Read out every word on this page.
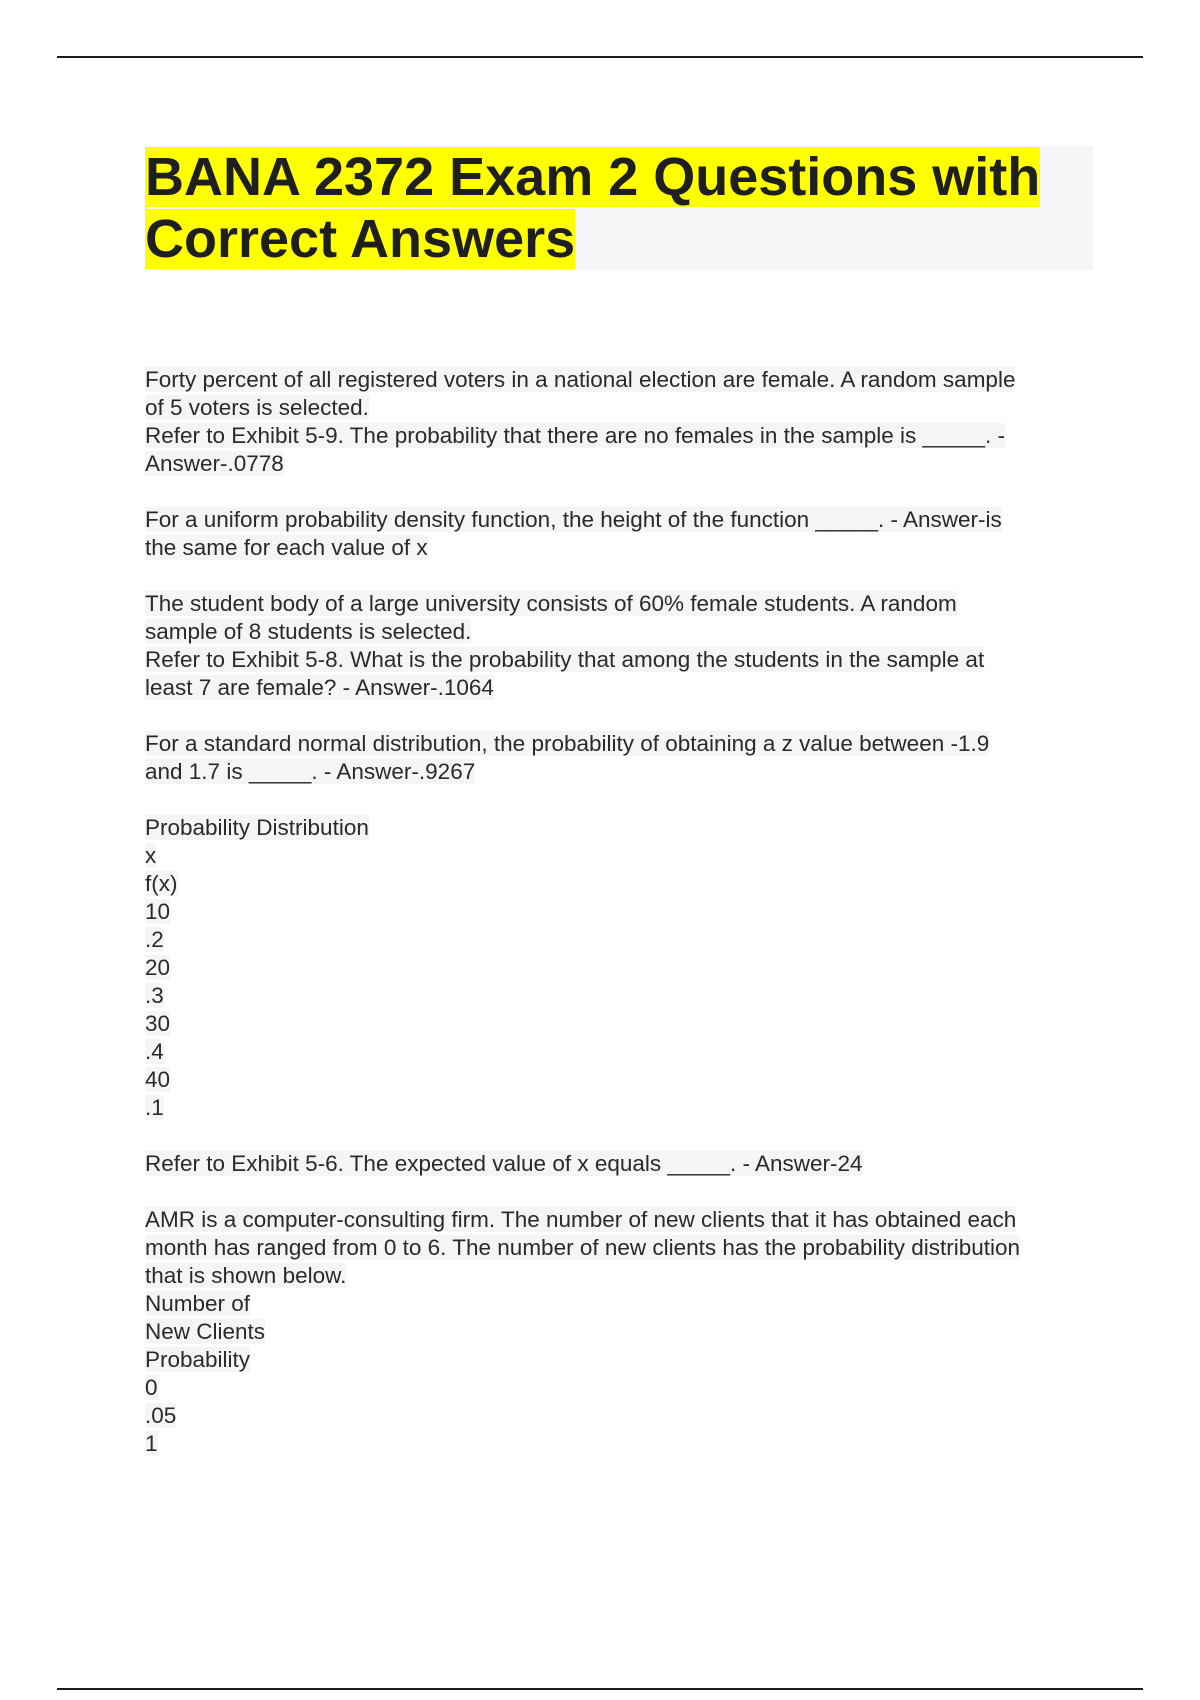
BANA 2372 Exam 2 Questions with
Correct Answers
Forty percent of all registered voters in a national election are female. A random sample
of 5 voters is selected.
Refer to Exhibit 5-9. The probability that there are no females in the sample is _____. -
Answer-.0778
For a uniform probability density function, the height of the function _____. - Answer-is
the same for each value of x
The student body of a large university consists of 60% female students. A random
sample of 8 students is selected.
Refer to Exhibit 5-8. What is the probability that among the students in the sample at
least 7 are female? - Answer-.1064
For a standard normal distribution, the probability of obtaining a z value between -1.9
and 1.7 is _____. - Answer-.9267
Probability Distribution
x
f(x)
10
.2
20
.3
30
.4
40
.1
Refer to Exhibit 5-6. The expected value of x equals _____. - Answer-24
AMR is a computer-consulting firm. The number of new clients that it has obtained each
month has ranged from 0 to 6. The number of new clients has the probability distribution
that is shown below.
Number of
New Clients
Probability
0
.05
1
